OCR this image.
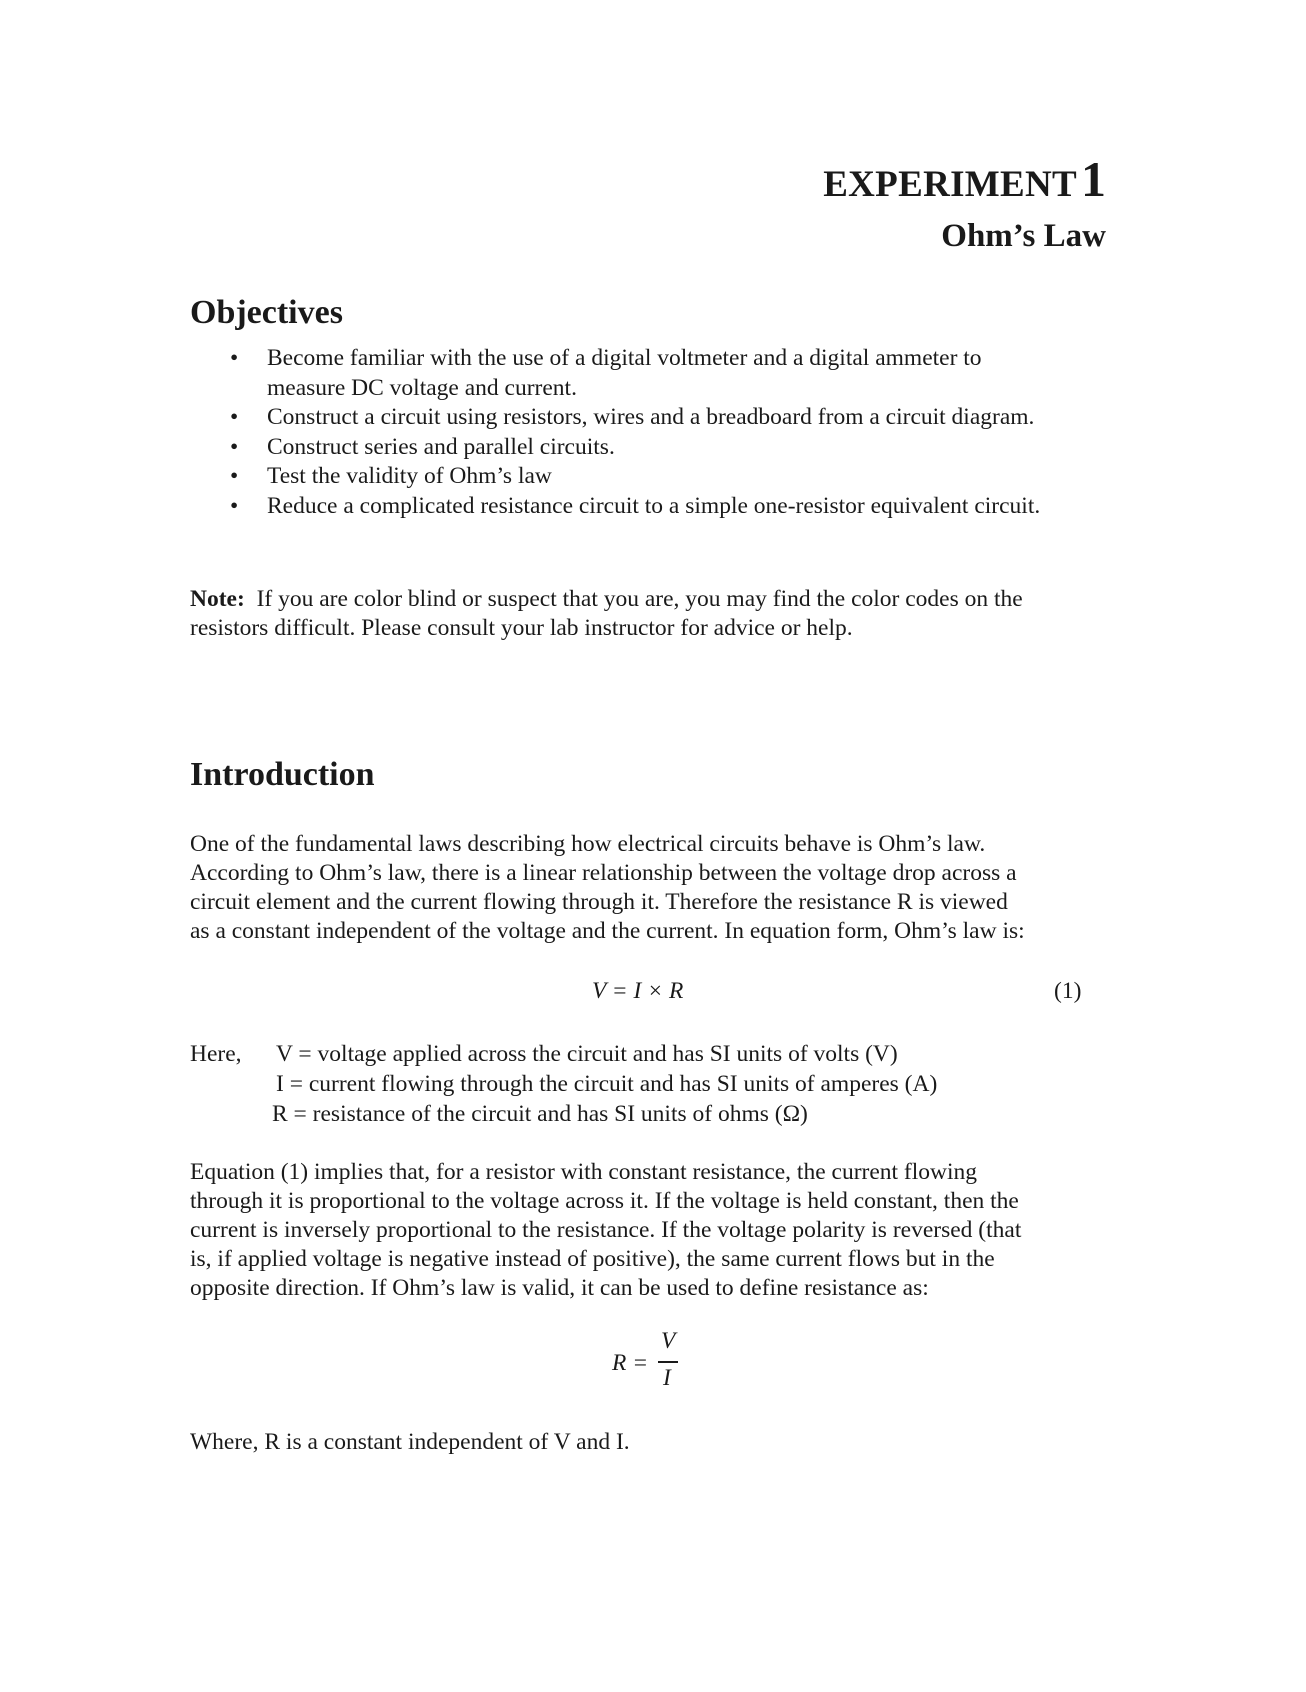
EXPERIMENT1
Ohm’s Law
Objectives
• Become familiar with the use of a digital voltmeter and a digital ammeter to
measure DC voltage and current.
• Construct a circuit using resistors, wires and a breadboard from a circuit diagram.
• Construct series and parallel circuits.
• Test the validity of Ohm’s law
• Reduce a complicated resistance circuit to a simple one-resistor equivalent circuit.
Note: If you are color blind or suspect that you are, you may find the color codes on the
resistors difficult. Please consult your lab instructor for advice or help.
Introduction
One of the fundamental laws describing how electrical circuits behave is Ohm’s law.
According to Ohm’s law, there is a linear relationship between the voltage drop across a
circuit element and the current flowing through it. Therefore the resistance R is viewed
as a constant independent of the voltage and the current. In equation form, Ohm’s law is:
V = I × R	(1)
Here, V = voltage applied across the circuit and has SI units of volts (V)
I = current flowing through the circuit and has SI units of amperes (A)
R = resistance of the circuit and has SI units of ohms (Ω)
Equation (1) implies that, for a resistor with constant resistance, the current flowing
through it is proportional to the voltage across it. If the voltage is held constant, then the
current is inversely proportional to the resistance. If the voltage polarity is reversed (that
is, if applied voltage is negative instead of positive), the same current flows but in the
opposite direction. If Ohm’s law is valid, it can be used to define resistance as:
R =
V
I
Where, R is a constant independent of V and I.
